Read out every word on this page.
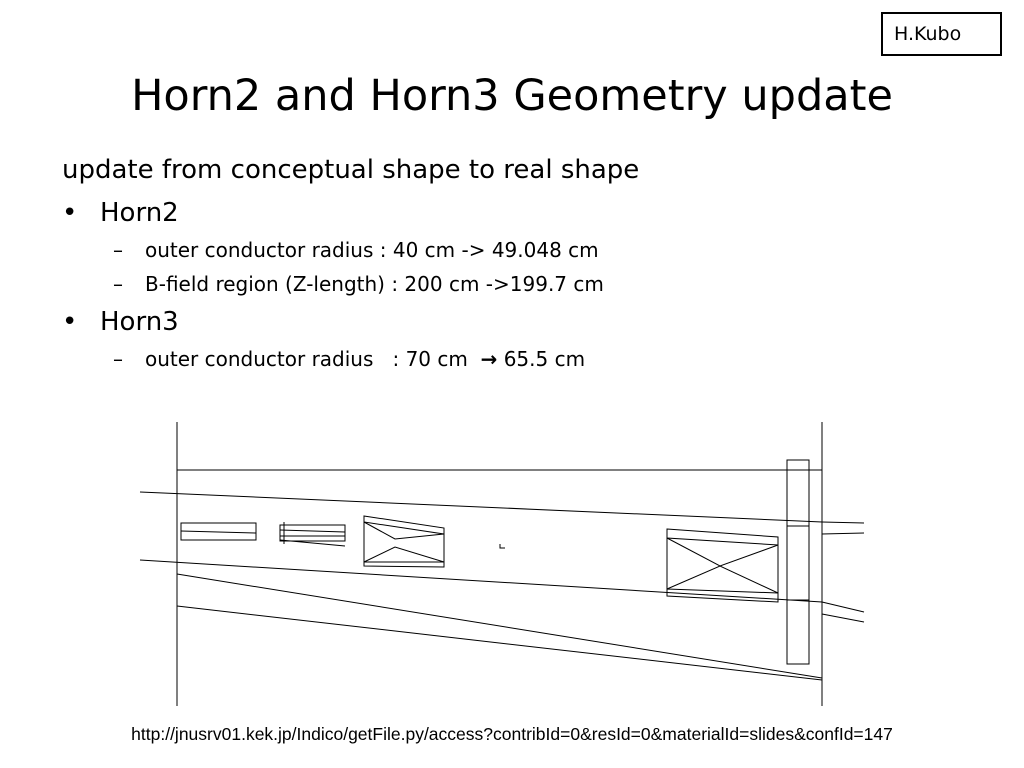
H.Kubo
Horn2 and Horn3 Geometry update
update from conceptual shape to real shape
• Horn2
– outer conductor radius : 40 cm -> 49.048 cm
– B-field region (Z-length) : 200 cm ->199.7 cm
• Horn3
– outer conductor radius   : 70 cm  → 65.5 cm
http://jnusrv01.kek.jp/Indico/getFile.py/access?contribId=0&resId=0&materialId=slides&confId=147
